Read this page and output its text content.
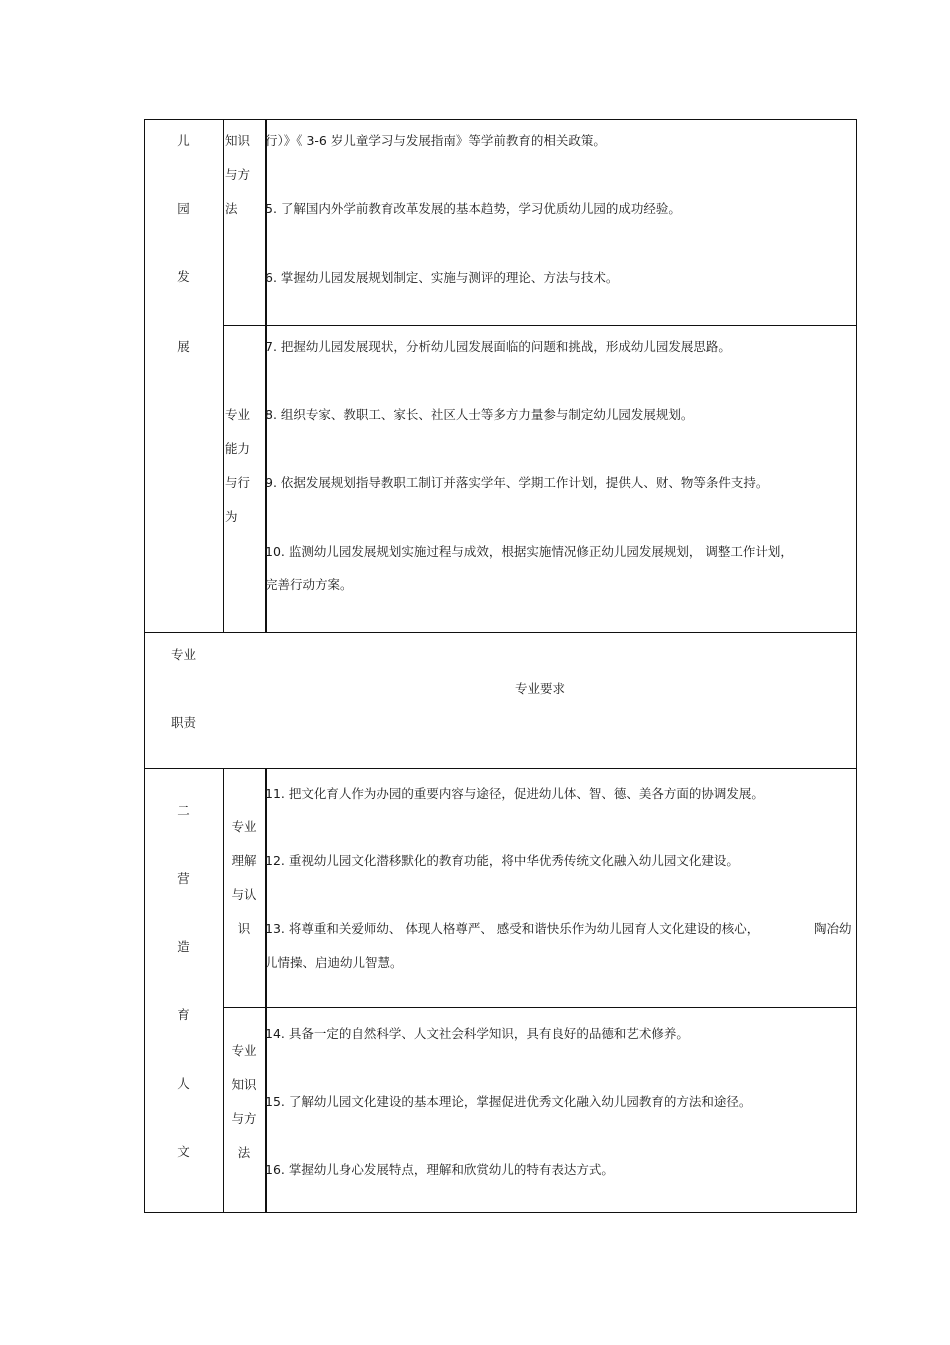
儿
园
发
展
知识
与方
法
行）》《 3-6 岁儿童学习与发展指南》等学前教育的相关政策。
5. 了解国内外学前教育改革发展的基本趋势，学习优质幼儿园的成功经验。
6. 掌握幼儿园发展规划制定、实施与测评的理论、方法与技术。
专业
能力
与行
为
7. 把握幼儿园发展现状，分析幼儿园发展面临的问题和挑战，形成幼儿园发展思路。
8. 组织专家、教职工、家长、社区人士等多方力量参与制定幼儿园发展规划。
9. 依据发展规划指导教职工制订并落实学年、学期工作计划，提供人、财、物等条件支持。
10. 监测幼儿园发展规划实施过程与成效，根据实施情况修正幼儿园发展规划， 调整工作计划，
完善行动方案。
专业
职责
专业要求
二
营
造
育
人
文
专业
理解
与认
识
11. 把文化育人作为办园的重要内容与途径，促进幼儿体、智、德、美各方面的协调发展。
12. 重视幼儿园文化潜移默化的教育功能，将中华优秀传统文化融入幼儿园文化建设。
13. 将尊重和关爱师幼、 体现人格尊严、 感受和谐快乐作为幼儿园育人文化建设的核心，	陶冶幼
儿情操、启迪幼儿智慧。
专业
知识
与方
法
14. 具备一定的自然科学、人文社会科学知识，具有良好的品德和艺术修养。
15. 了解幼儿园文化建设的基本理论，掌握促进优秀文化融入幼儿园教育的方法和途径。
16. 掌握幼儿身心发展特点，理解和欣赏幼儿的特有表达方式。
